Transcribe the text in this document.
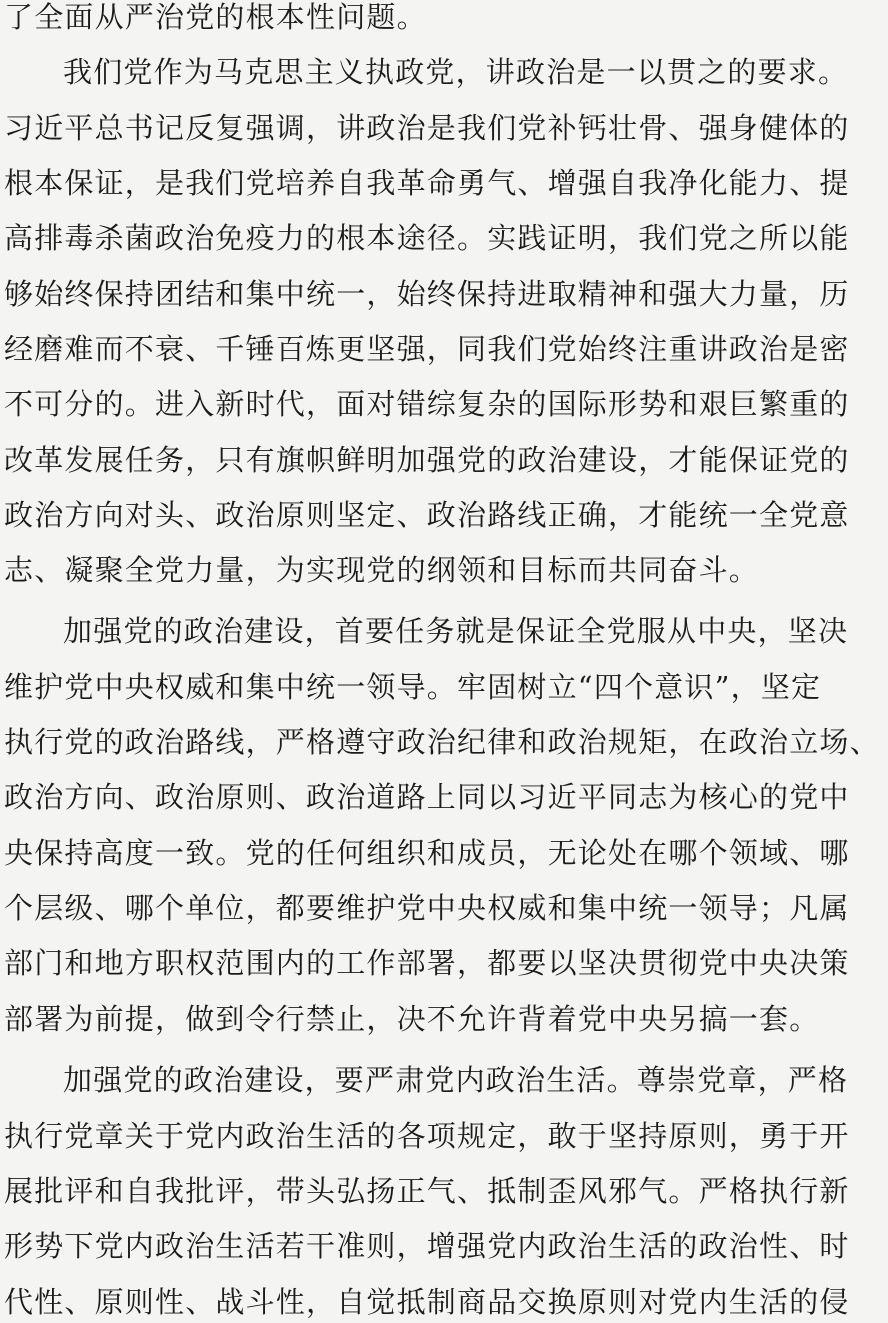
了全面从严治党的根本性问题。
我们党作为马克思主义执政党，讲政治是一以贯之的要求。
习近平总书记反复强调，讲政治是我们党补钙壮骨、强身健体的
根本保证，是我们党培养自我革命勇气、增强自我净化能力、提
高排毒杀菌政治免疫力的根本途径。实践证明，我们党之所以能
够始终保持团结和集中统一，始终保持进取精神和强大力量，历
经磨难而不衰、千锤百炼更坚强，同我们党始终注重讲政治是密
不可分的。进入新时代，面对错综复杂的国际形势和艰巨繁重的
改革发展任务，只有旗帜鲜明加强党的政治建设，才能保证党的
政治方向对头、政治原则坚定、政治路线正确，才能统一全党意
志、凝聚全党力量，为实现党的纲领和目标而共同奋斗。
加强党的政治建设，首要任务就是保证全党服从中央，坚决
维护党中央权威和集中统一领导。牢固树立“四个意识”，坚定
执行党的政治路线，严格遵守政治纪律和政治规矩，在政治立场、
政治方向、政治原则、政治道路上同以习近平同志为核心的党中
央保持高度一致。党的任何组织和成员，无论处在哪个领域、哪
个层级、哪个单位，都要维护党中央权威和集中统一领导；凡属
部门和地方职权范围内的工作部署，都要以坚决贯彻党中央决策
部署为前提，做到令行禁止，决不允许背着党中央另搞一套。
加强党的政治建设，要严肃党内政治生活。尊崇党章，严格
执行党章关于党内政治生活的各项规定，敢于坚持原则，勇于开
展批评和自我批评，带头弘扬正气、抵制歪风邪气。严格执行新
形势下党内政治生活若干准则，增强党内政治生活的政治性、时
代性、原则性、战斗性，自觉抵制商品交换原则对党内生活的侵
